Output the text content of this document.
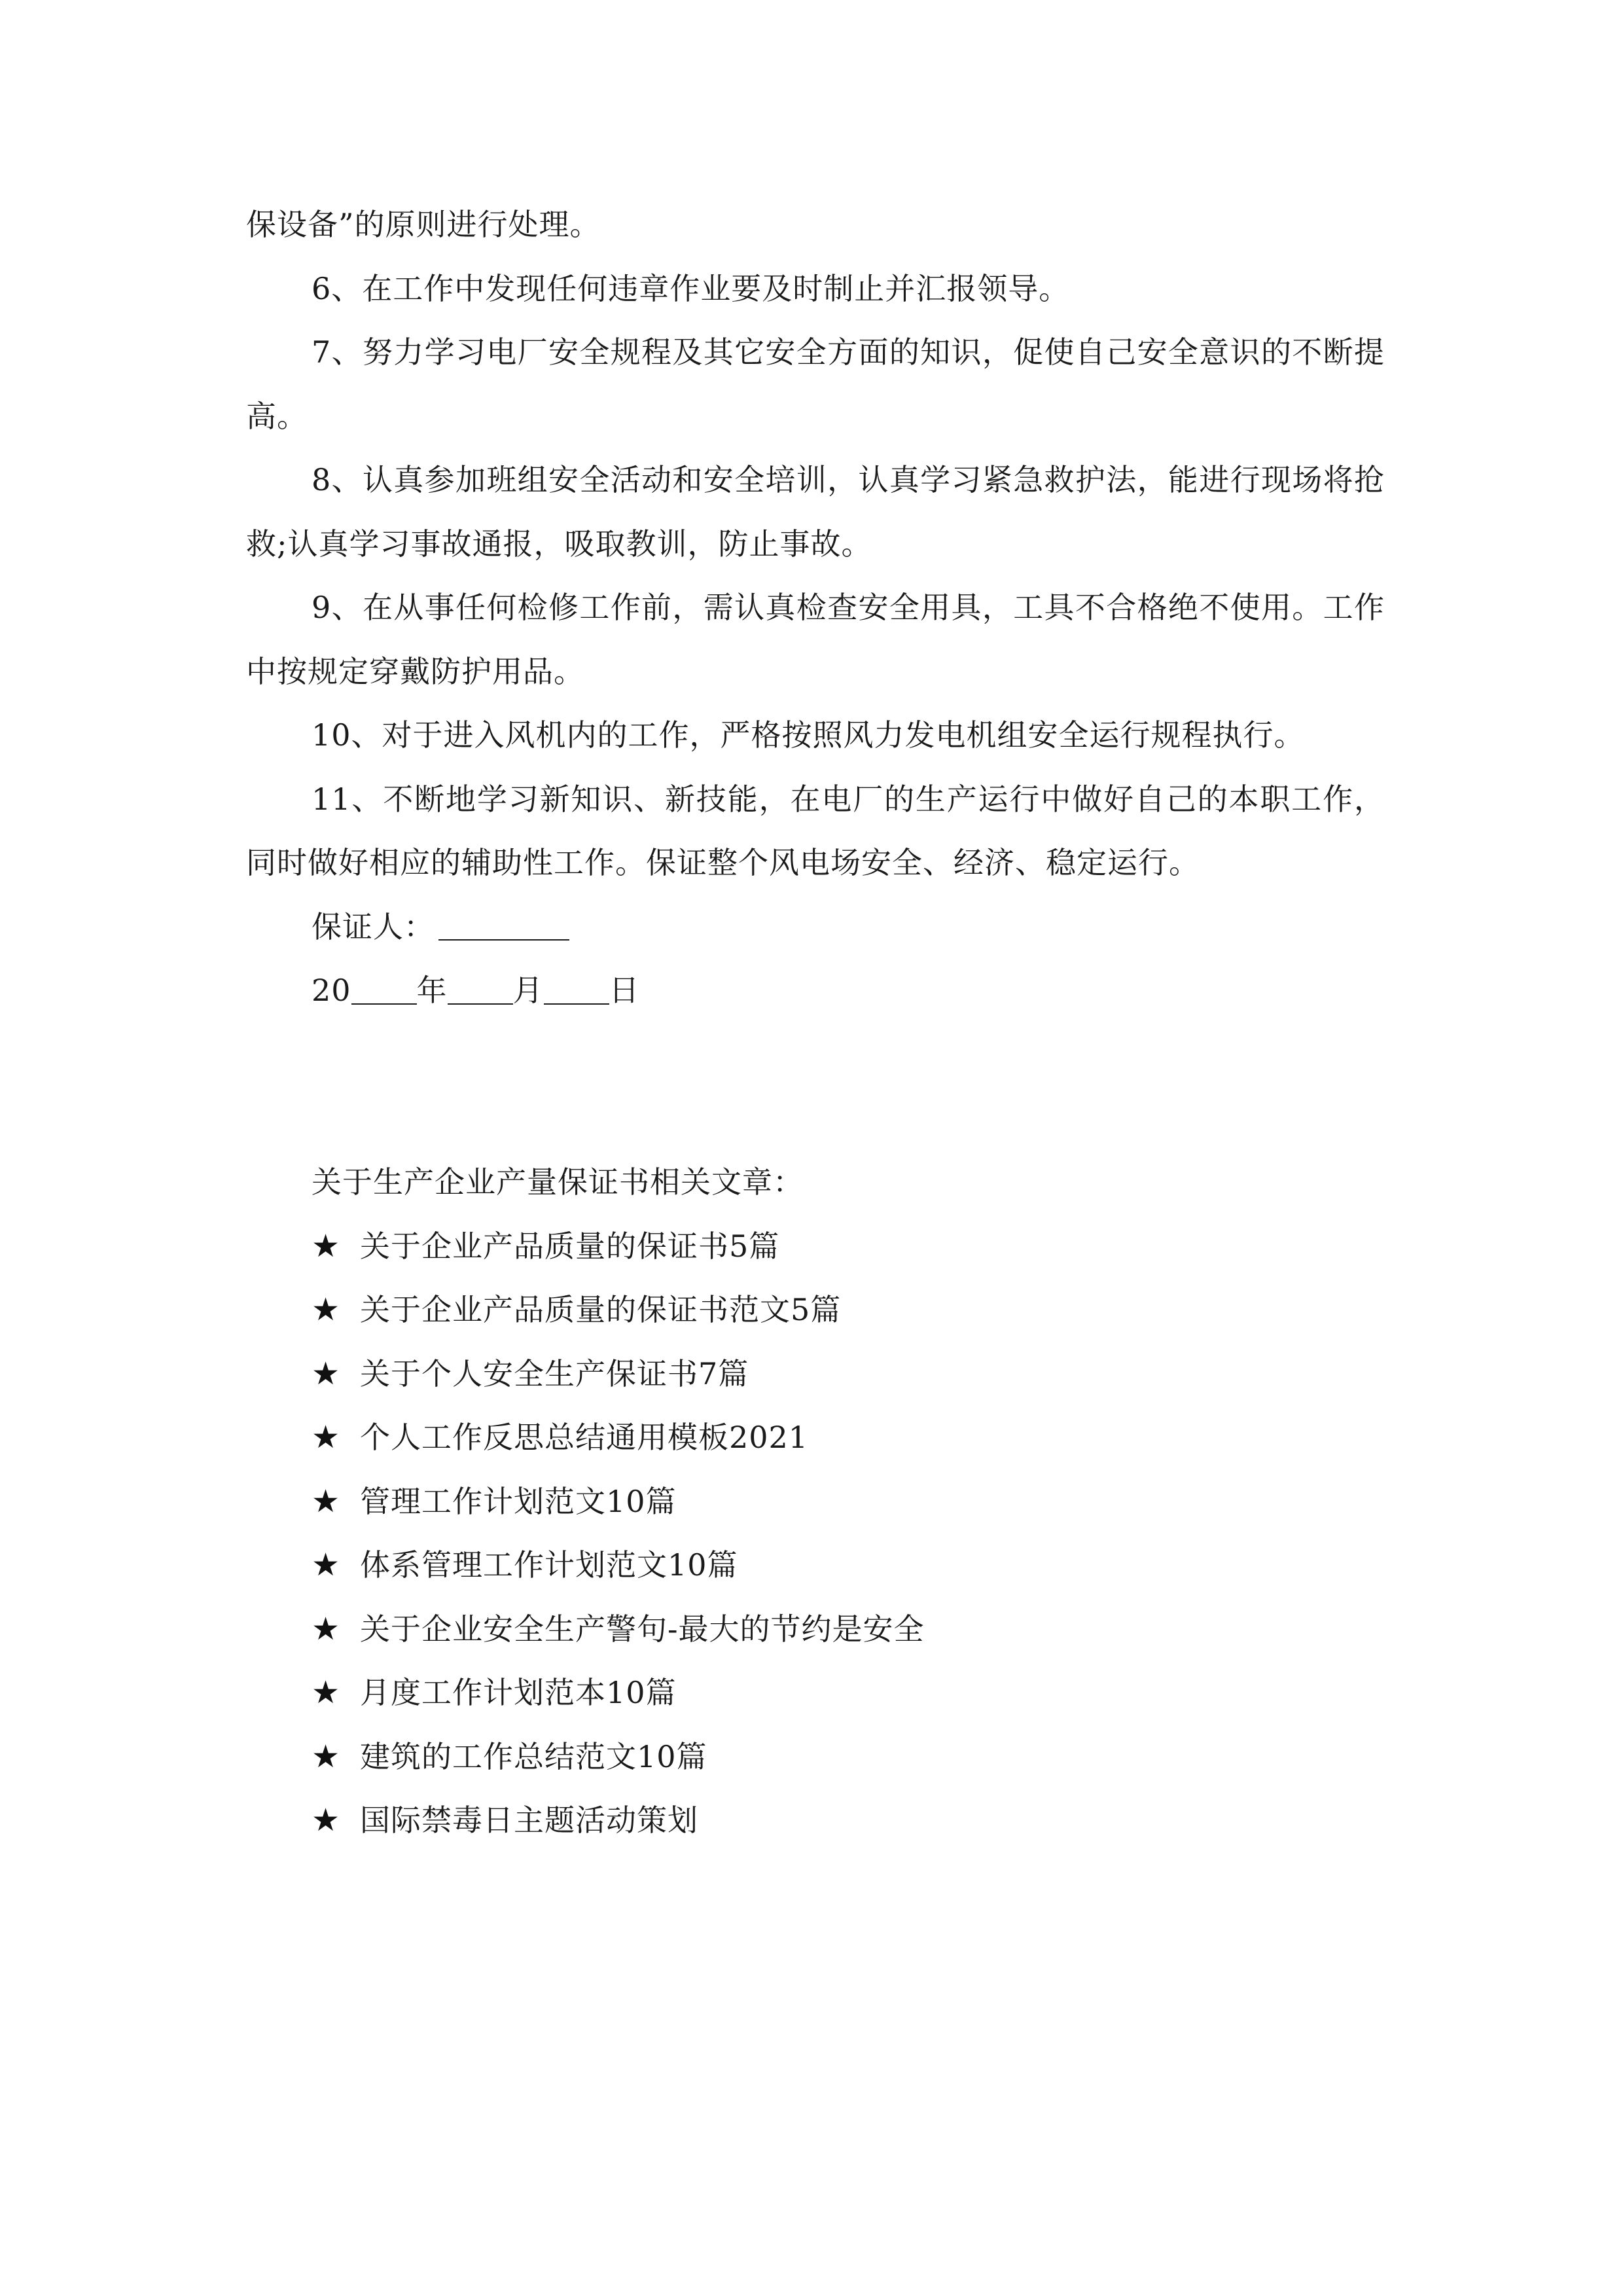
保设备”的原则进行处理。

6、在工作中发现任何违章作业要及时制止并汇报领导。

7、努力学习电厂安全规程及其它安全方面的知识，促使自己安全意识的不断提高。

8、认真参加班组安全活动和安全培训，认真学习紧急救护法，能进行现场将抢救;认真学习事故通报，吸取教训，防止事故。

9、在从事任何检修工作前，需认真检查安全用具，工具不合格绝不使用。工作中按规定穿戴防护用品。

10、对于进入风机内的工作，严格按照风力发电机组安全运行规程执行。

11、不断地学习新知识、新技能，在电厂的生产运行中做好自己的本职工作，同时做好相应的辅助性工作。保证整个风电场安全、经济、稳定运行。

保证人：

20 年 月 日

关于生产企业产量保证书相关文章：

★ 关于企业产品质量的保证书5篇
★ 关于企业产品质量的保证书范文5篇
★ 关于个人安全生产保证书7篇
★ 个人工作反思总结通用模板2021
★ 管理工作计划范文10篇
★ 体系管理工作计划范文10篇
★ 关于企业安全生产警句-最大的节约是安全
★ 月度工作计划范本10篇
★ 建筑的工作总结范文10篇
★ 国际禁毒日主题活动策划
